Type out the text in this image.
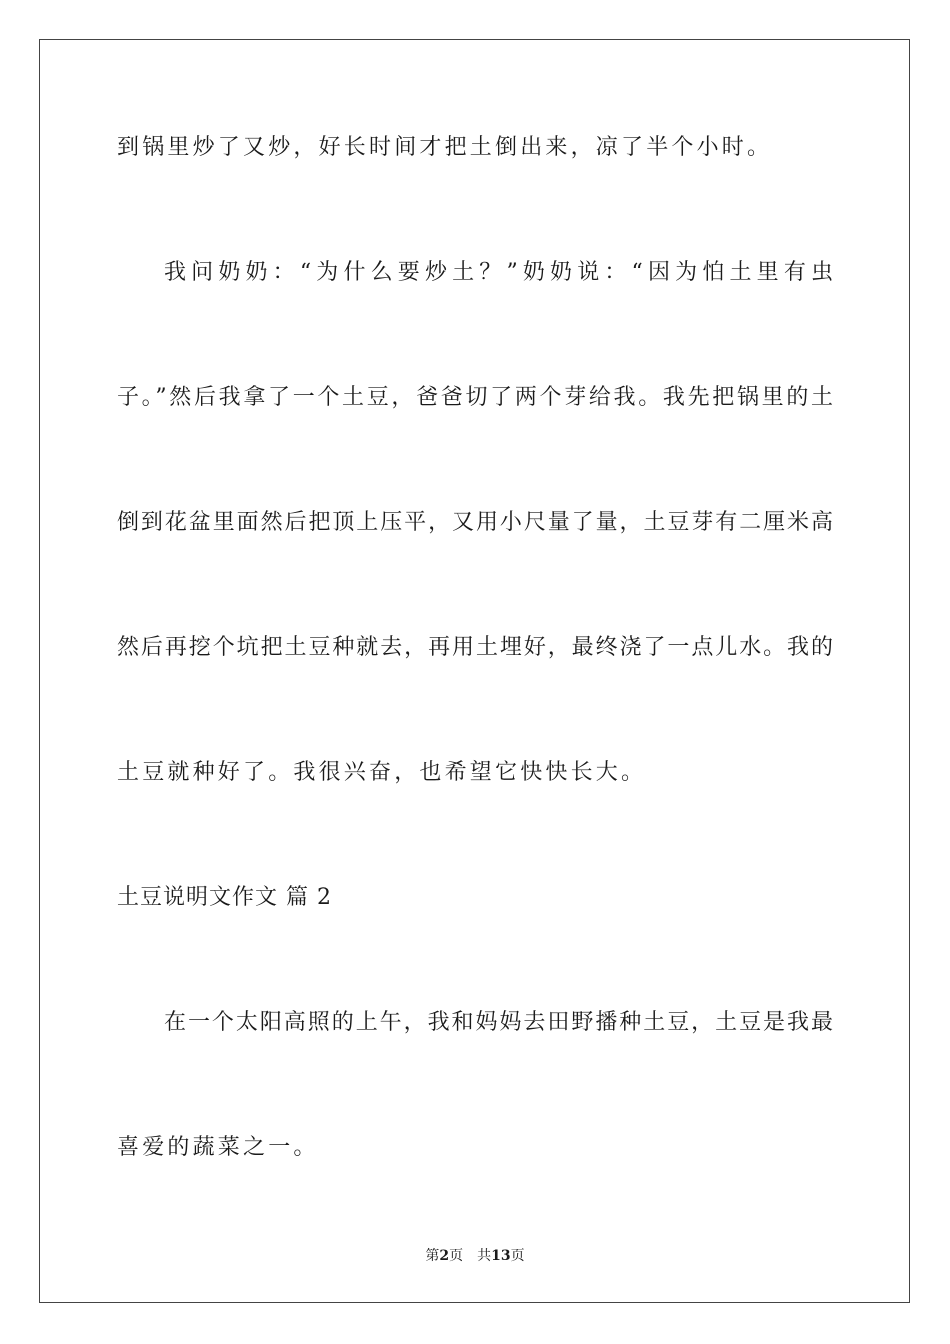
到锅里炒了又炒，好长时间才把土倒出来，凉了半个小时。
我问奶奶：“为什么要炒土？”奶奶说：“因为怕土里有虫
子。”然后我拿了一个土豆，爸爸切了两个芽给我。我先把锅里的土
倒到花盆里面然后把顶上压平，又用小尺量了量，土豆芽有二厘米高
然后再挖个坑把土豆种就去，再用土埋好，最终浇了一点儿水。我的
土豆就种好了。我很兴奋，也希望它快快长大。
土豆说明文作文 篇 2
在一个太阳高照的上午，我和妈妈去田野播种土豆，土豆是我最
喜爱的蔬菜之一。
第2页 共13页
